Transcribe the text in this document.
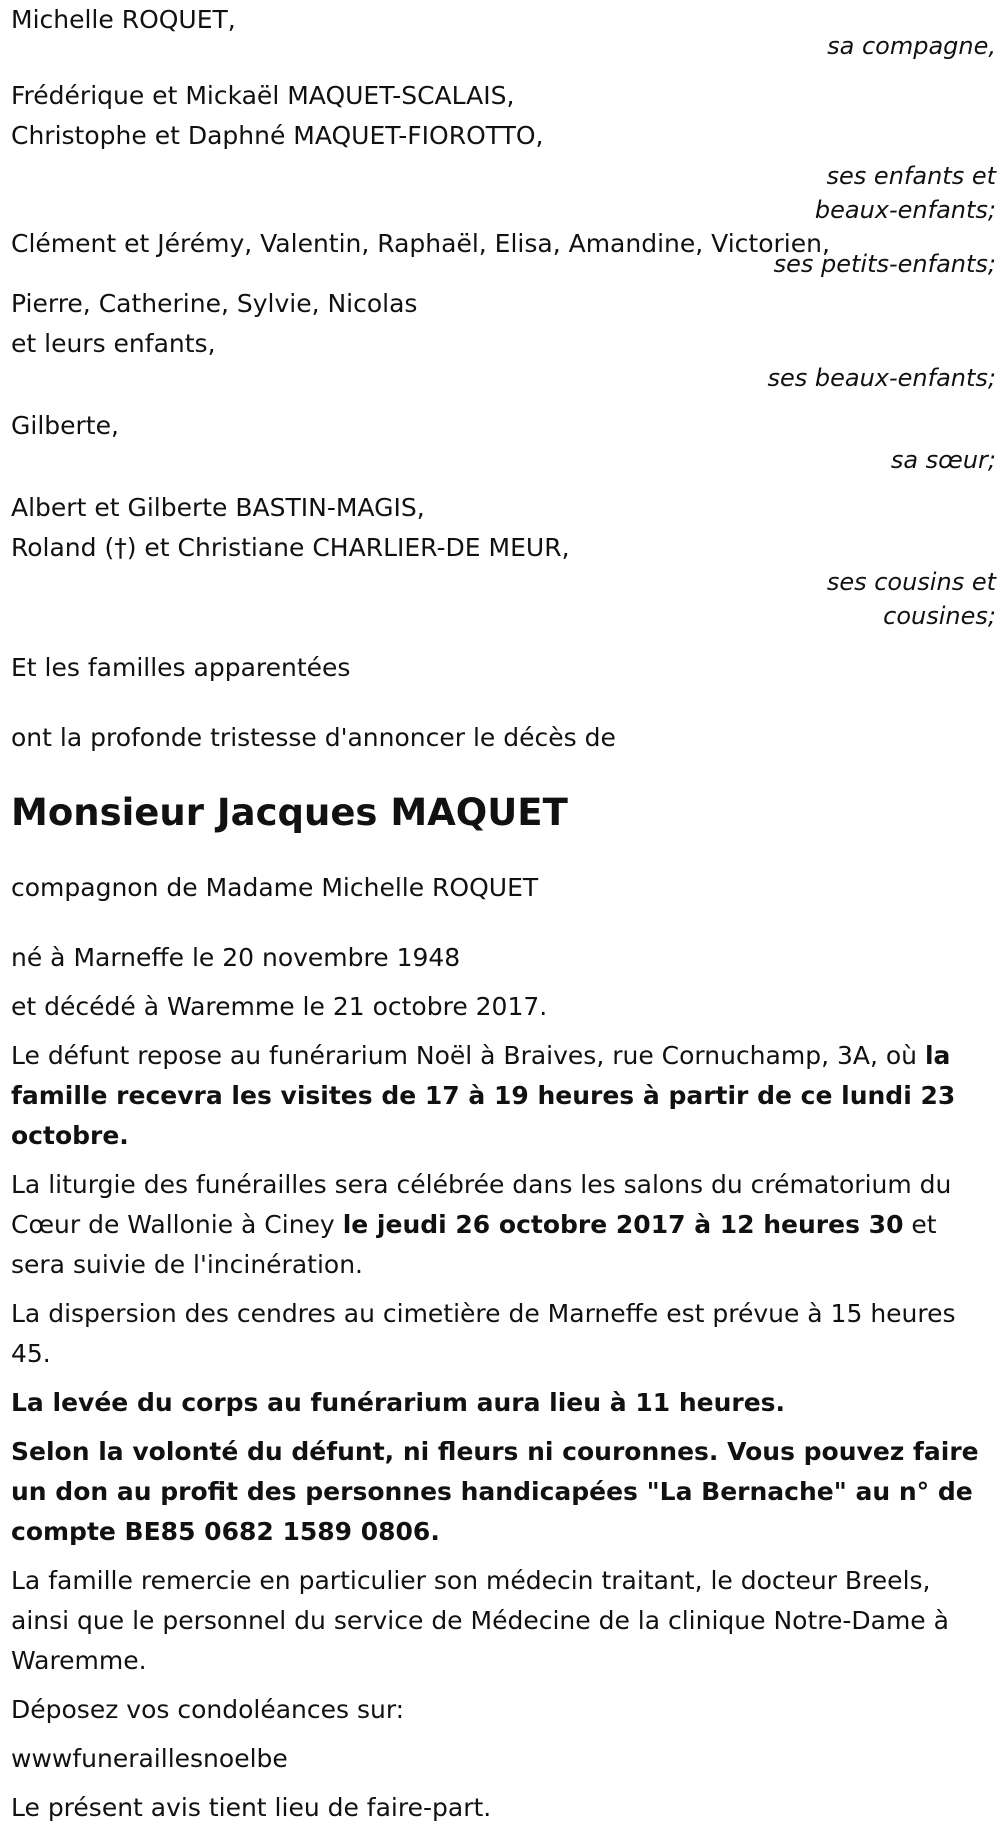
Michelle ROQUET,

sa compagne,

Frédérique et Mickaël MAQUET-SCALAIS,

Christophe et Daphné MAQUET-FIOROTTO,

ses enfants et

beaux-enfants;

Clément et Jérémy, Valentin, Raphaël, Elisa, Amandine, Victorien,

ses petits-enfants;

Pierre, Catherine, Sylvie, Nicolas

et leurs enfants,

ses beaux-enfants;

Gilberte,

sa sœur;

Albert et Gilberte BASTIN-MAGIS,

Roland (†) et Christiane CHARLIER-DE MEUR,

ses cousins et

cousines;

Et les familles apparentées

ont la profonde tristesse d'annoncer le décès de

Monsieur Jacques MAQUET

compagnon de Madame Michelle ROQUET

né à Marneffe le 20 novembre 1948

et décédé à Waremme le 21 octobre 2017.

Le défunt repose au funérarium Noël à Braives, rue Cornuchamp, 3A, où la famille recevra les visites de 17 à 19 heures à partir de ce lundi 23 octobre.

La liturgie des funérailles sera célébrée dans les salons du crématorium du Cœur de Wallonie à Ciney le jeudi 26 octobre 2017 à 12 heures 30 et sera suivie de l'incinération.

La dispersion des cendres au cimetière de Marneffe est prévue à 15 heures 45.

La levée du corps au funérarium aura lieu à 11 heures.

Selon la volonté du défunt, ni fleurs ni couronnes. Vous pouvez faire un don au profit des personnes handicapées "La Bernache" au n° de compte BE85 0682 1589 0806.

La famille remercie en particulier son médecin traitant, le docteur Breels, ainsi que le personnel du service de Médecine de la clinique Notre-Dame à Waremme.

Déposez vos condoléances sur:

wwwfuneraillesnoelbe

Le présent avis tient lieu de faire-part.
